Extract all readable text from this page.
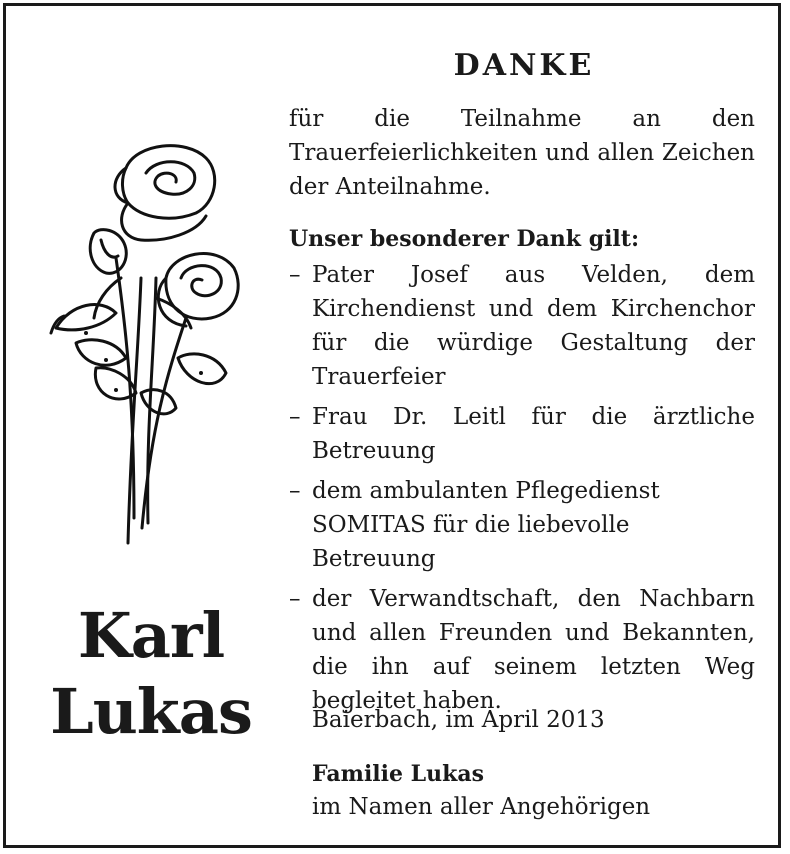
Karl
Lukas
DANKE
für die Teilnahme an den Trauerfeierlichkeiten und allen Zeichen der Anteilnahme.
Unser besonderer Dank gilt:
– Pater Josef aus Velden, dem Kirchendienst und dem Kirchenchor für die würdige Gestaltung der Trauerfeier
– Frau Dr. Leitl für die ärztliche Betreuung
– dem ambulanten Pflegedienst SOMITAS für die liebevolle Betreuung
– der Verwandtschaft, den Nachbarn und allen Freunden und Bekannten, die ihn auf seinem letzten Weg begleitet haben.
Baierbach, im April 2013
Familie Lukas
im Namen aller Angehörigen
